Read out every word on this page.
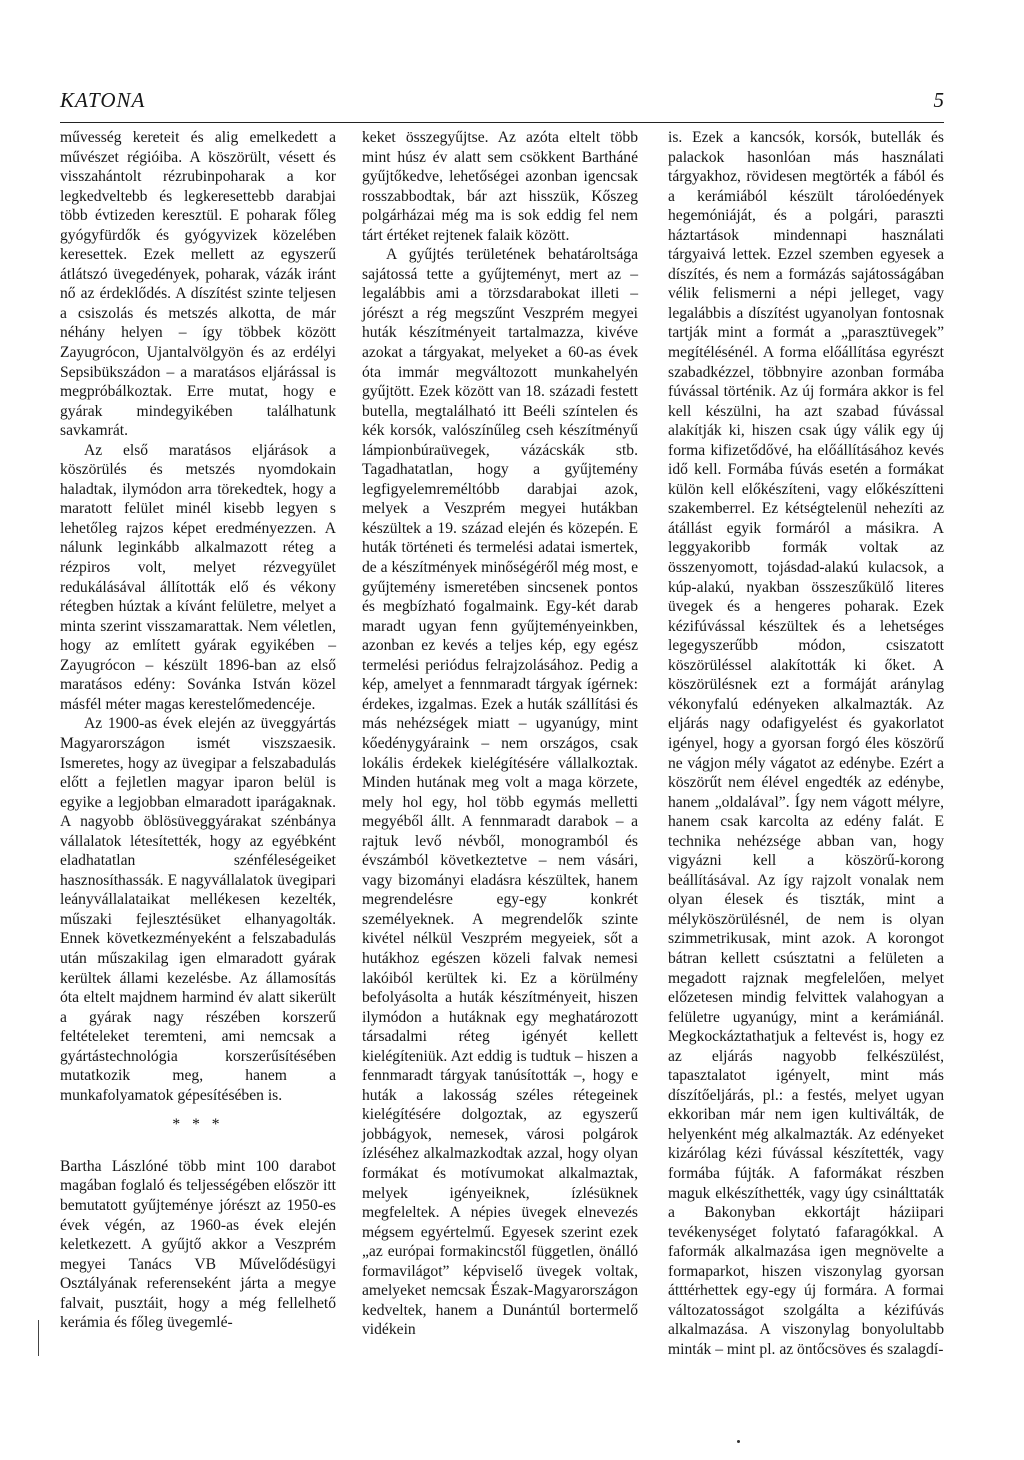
KATONA	5

művesség kereteit és alig emelkedett a művészet régióiba. A köszörült, vésett és visszahántolt rézrubinpoharak a kor legkedveltebb és legkeresettebb darabjai több évtizeden keresztül. E poharak főleg gyógyfürdők és gyógyvizek közelében keresettek. Ezek mellett az egyszerű átlátszó üvegedények, poharak, vázák iránt nő az érdeklődés. A díszítést szinte teljesen a csiszolás és metszés alkotta, de már néhány helyen – így többek között Zayugrócon, Ujantalvölgyön és az erdélyi Sepsibükszádon – a maratásos eljárással is megpróbálkoztak. Erre mutat, hogy e gyárak mindegyikében találhatunk savkamrát.

Az első maratásos eljárások a köszörülés és metszés nyomdokain haladtak, ilymódon arra törekedtek, hogy a maratott felület minél kisebb legyen s lehetőleg rajzos képet eredményezzen. A nálunk leginkább alkalmazott réteg a rézpiros volt, melyet rézvegyület redukálásával állították elő és vékony rétegben húztak a kívánt felületre, melyet a minta szerint visszamarattak. Nem véletlen, hogy az említett gyárak egyikében – Zayugrócon – készült 1896-ban az első maratásos edény: Sovánka István közel másfél méter magas kerestelőmedencéje.

Az 1900-as évek elején az üveggyártás Magyarországon ismét viszszaesik. Ismeretes, hogy az üvegipar a felszabadulás előtt a fejletlen magyar iparon belül is egyike a legjobban elmaradott iparágaknak. A nagyobb öblösüveggyárakat szénbánya vállalatok létesítették, hogy az egyébként eladhatatlan szénféleségeiket hasznosíthassák. E nagyvállalatok üvegipari leányvállalataikat mellékesen kezelték, műszaki fejlesztésüket elhanyagolták. Ennek következményeként a felszabadulás után műszakilag igen elmaradott gyárak kerültek állami kezelésbe. Az államosítás óta eltelt majdnem harmind év alatt sikerült a gyárak nagy részében korszerű feltételeket teremteni, ami nemcsak a gyártástechnológia korszerűsítésében mutatkozik meg, hanem a munkafolyamatok gépesítésében is.

* * *

Bartha Lászlóné több mint 100 darabot magában foglaló és teljességében először itt bemutatott gyűjteménye jórészt az 1950-es évek végén, az 1960-as évek elején keletkezett. A gyűjtő akkor a Veszprém megyei Tanács VB Művelődésügyi Osztályának referenseként járta a megye falvait, pusztáit, hogy a még fellelhető kerámia és főleg üvegemlé-

keket összegyűjtse. Az azóta eltelt több mint húsz év alatt sem csökkent Bartháné gyűjtőkedve, lehetőségei azonban igencsak rosszabbodtak, bár azt hisszük, Kőszeg polgárházai még ma is sok eddig fel nem tárt értéket rejtenek falaik között.

A gyűjtés területének behatároltsága sajátossá tette a gyűjteményt, mert az – legalábbis ami a törzsdarabokat illeti – jórészt a rég megszűnt Veszprém megyei huták készítményeit tartalmazza, kivéve azokat a tárgyakat, melyeket a 60-as évek óta immár megváltozott munkahelyén gyűjtött. Ezek között van 18. századi festett butella, megtalálható itt Beéli színtelen és kék korsók, valószínűleg cseh készítményű lámpionbúraüvegek, vázácskák stb. Tagadhatatlan, hogy a gyűjtemény legfigyelemreméltóbb darabjai azok, melyek a Veszprém megyei hutákban készültek a 19. század elején és közepén. E huták történeti és termelési adatai ismertek, de a készítmények minőségéről még most, e gyűjtemény ismeretében sincsenek pontos és megbízható fogalmaink. Egy-két darab maradt ugyan fenn gyűjteményeinkben, azonban ez kevés a teljes kép, egy egész termelési periódus felrajzolásához. Pedig a kép, amelyet a fennmaradt tárgyak ígérnek: érdekes, izgalmas. Ezek a huták szállítási és más nehézségek miatt – ugyanúgy, mint kőedénygyáraink – nem országos, csak lokális érdekek kielégítésére vállalkoztak. Minden hutának meg volt a maga körzete, mely hol egy, hol több egymás melletti megyéből állt. A fennmaradt darabok – a rajtuk levő névből, monogramból és évszámból következtetve – nem vásári, vagy bizományi eladásra készültek, hanem megrendelésre egy-egy konkrét személyeknek. A megrendelők szinte kivétel nélkül Veszprém megyeiek, sőt a hutákhoz egészen közeli falvak nemesi lakóiból kerültek ki. Ez a körülmény befolyásolta a huták készítményeit, hiszen ilymódon a hutáknak egy meghatározott társadalmi réteg igényét kellett kielégíteniük. Azt eddig is tudtuk – hiszen a fennmaradt tárgyak tanúsították –, hogy e huták a lakosság széles rétegeinek kielégítésére dolgoztak, az egyszerű jobbágyok, nemesek, városi polgárok ízléséhez alkalmazkodtak azzal, hogy olyan formákat és motívumokat alkalmaztak, melyek igényeiknek, ízlésüknek megfeleltek. A népies üvegek elnevezés mégsem egyértelmű. Egyesek szerint ezek „az európai formakincstől független, önálló formavilágot” képviselő üvegek voltak, amelyeket nemcsak Észak-Magyarországon kedveltek, hanem a Dunántúl bortermelő vidékein

is. Ezek a kancsók, korsók, butellák és palackok hasonlóan más használati tárgyakhoz, rövidesen megtörték a fából és a kerámiából készült tárolóedények hegemóniáját, és a polgári, paraszti háztartások mindennapi használati tárgyaivá lettek. Ezzel szemben egyesek a díszítés, és nem a formázás sajátosságában vélik felismerni a népi jelleget, vagy legalábbis a díszítést ugyanolyan fontosnak tartják mint a formát a „parasztüvegek” megítélésénél. A forma előállítása egyrészt szabadkézzel, többnyire azonban formába fúvással történik. Az új formára akkor is fel kell készülni, ha azt szabad fúvással alakítják ki, hiszen csak úgy válik egy új forma kifizetődővé, ha előállításához kevés idő kell. Formába fúvás esetén a formákat külön kell előkészíteni, vagy előkészítteni szakemberrel. Ez kétségtelenül nehezíti az átállást egyik formáról a másikra. A leggyakoribb formák voltak az összenyomott, tojásdad-alakú kulacsok, a kúp-alakú, nyakban összeszűkülő literes üvegek és a hengeres poharak. Ezek kézifúvással készültek és a lehetséges legegyszerűbb módon, csiszatott köszörüléssel alakították ki őket. A köszörülésnek ezt a formáját aránylag vékonyfalú edényeken alkalmazták. Az eljárás nagy odafigyelést és gyakorlatot igényel, hogy a gyorsan forgó éles köszörű ne vágjon mély vágatot az edénybe. Ezért a köszörűt nem élével engedték az edénybe, hanem „oldalával”. Így nem vágott mélyre, hanem csak karcolta az edény falát. E technika nehézsége abban van, hogy vigyázni kell a köszörű-korong beállításával. Az így rajzolt vonalak nem olyan élesek és tiszták, mint a mélyköszörülésnél, de nem is olyan szimmetrikusak, mint azok. A korongot bátran kellett csúsztatni a felületen a megadott rajznak megfelelően, melyet előzetesen mindig felvittek valahogyan a felületre ugyanúgy, mint a kerámiánál. Megkockáztathatjuk a feltevést is, hogy ez az eljárás nagyobb felkészülést, tapasztalatot igényelt, mint más díszítőeljárás, pl.: a festés, melyet ugyan ekkoriban már nem igen kultiválták, de helyenként még alkalmazták. Az edényeket kizárólag kézi fúvással készítették, vagy formába fújták. A faformákat részben maguk elkészíthették, vagy úgy csinálttaták a Bakonyban ekkortájt háziipari tevékenységet folytató fafaragókkal. A faformák alkalmazása igen megnövelte a formaparkot, hiszen viszonylag gyorsan átttérhettek egy-egy új formára. A formai változatosságot szolgálta a kézifúvás alkalmazása. A viszonylag bonyolultabb minták – mint pl. az öntőcsöves és szalagdí-
